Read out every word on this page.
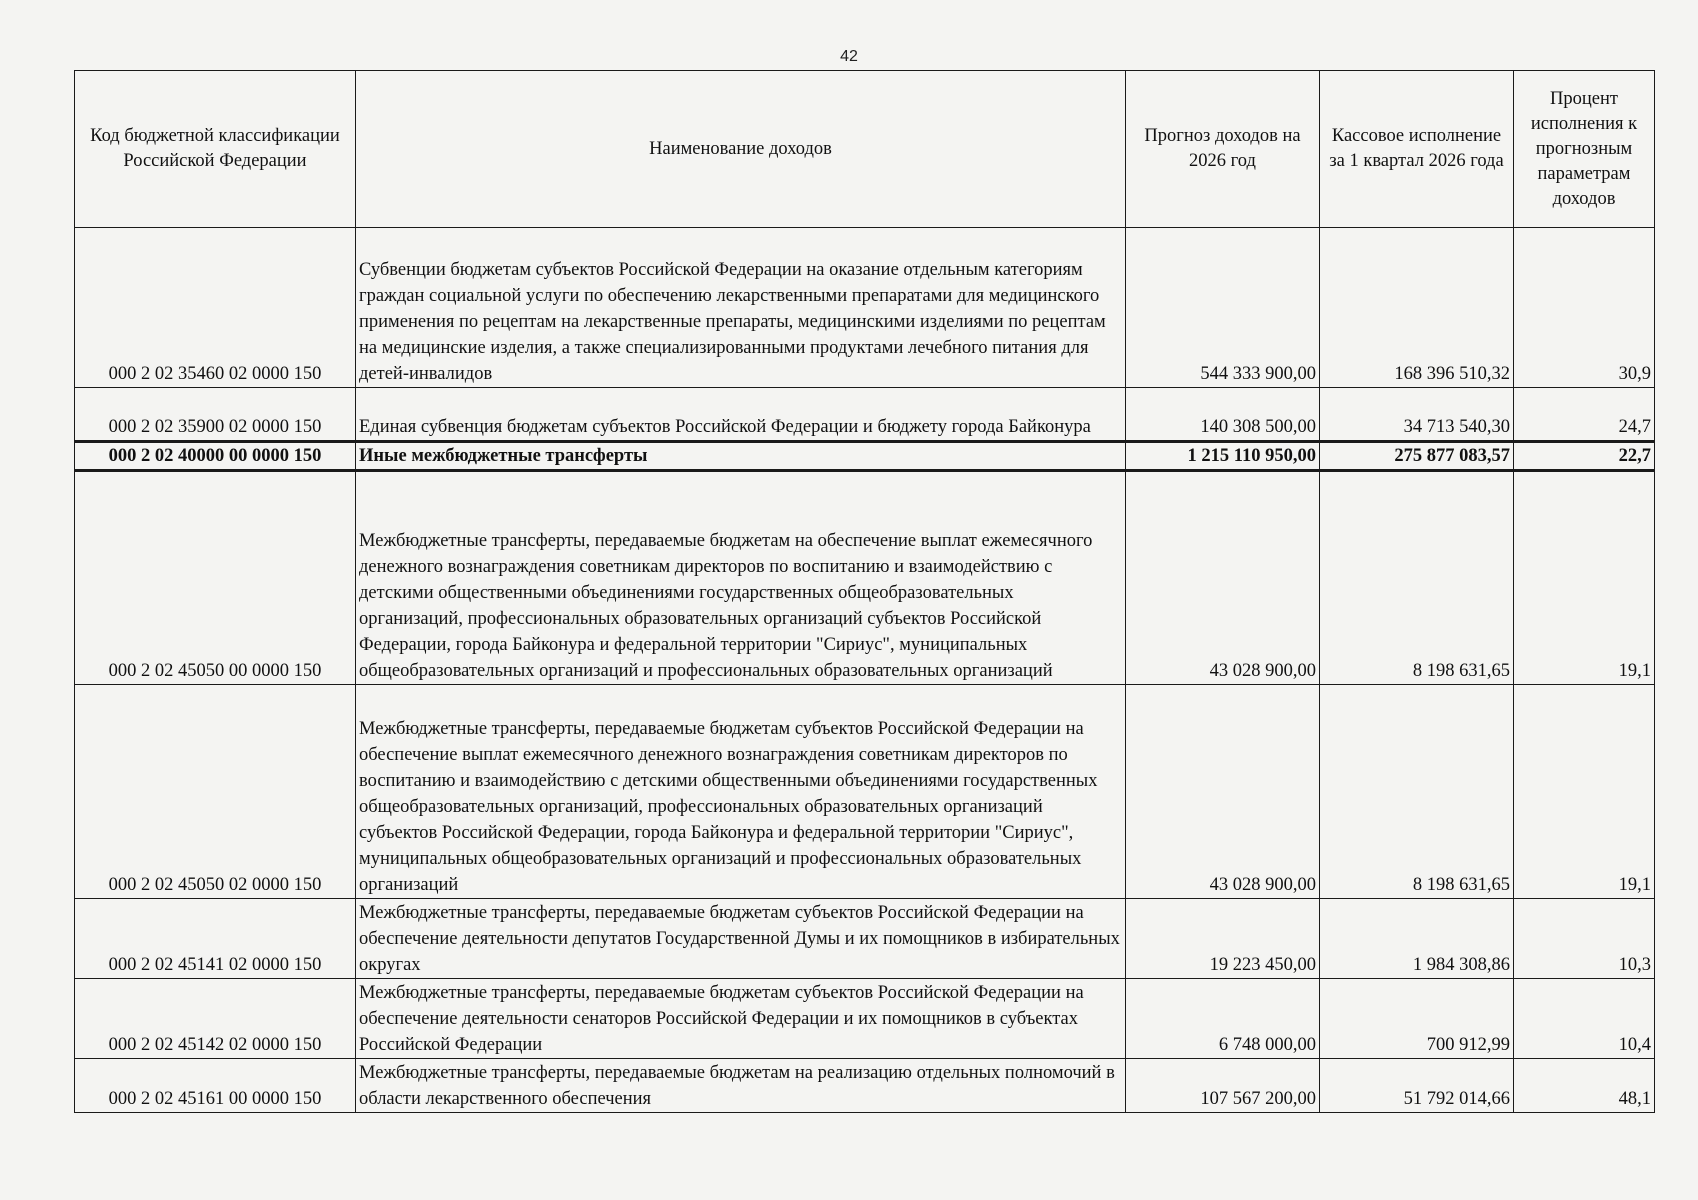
42
Код бюджетной классификации Российской Федерации	Наименование доходов	Прогноз доходов на 2026 год	Кассовое исполнение за 1 квартал 2026 года	Процент исполнения к прогнозным параметрам доходов
000 2 02 35460 02 0000 150	Субвенции бюджетам субъектов Российской Федерации на оказание отдельным категориям граждан социальной услуги по обеспечению лекарственными препаратами для медицинского применения по рецептам на лекарственные препараты, медицинскими изделиями по рецептам на медицинские изделия, а также специализированными продуктами лечебного питания для детей-инвалидов	544 333 900,00	168 396 510,32	30,9
000 2 02 35900 02 0000 150	Единая субвенция бюджетам субъектов Российской Федерации и бюджету города Байконура	140 308 500,00	34 713 540,30	24,7
000 2 02 40000 00 0000 150	Иные межбюджетные трансферты	1 215 110 950,00	275 877 083,57	22,7
000 2 02 45050 00 0000 150	Межбюджетные трансферты, передаваемые бюджетам на обеспечение выплат ежемесячного денежного вознаграждения советникам директоров по воспитанию и взаимодействию с детскими общественными объединениями государственных общеобразовательных организаций, профессиональных образовательных организаций субъектов Российской Федерации, города Байконура и федеральной территории "Сириус", муниципальных общеобразовательных организаций и профессиональных образовательных организаций	43 028 900,00	8 198 631,65	19,1
000 2 02 45050 02 0000 150	Межбюджетные трансферты, передаваемые бюджетам субъектов Российской Федерации на обеспечение выплат ежемесячного денежного вознаграждения советникам директоров по воспитанию и взаимодействию с детскими общественными объединениями государственных общеобразовательных организаций, профессиональных образовательных организаций субъектов Российской Федерации, города Байконура и федеральной территории "Сириус", муниципальных общеобразовательных организаций и профессиональных образовательных организаций	43 028 900,00	8 198 631,65	19,1
000 2 02 45141 02 0000 150	Межбюджетные трансферты, передаваемые бюджетам субъектов Российской Федерации на обеспечение деятельности депутатов Государственной Думы и их помощников в избирательных округах	19 223 450,00	1 984 308,86	10,3
000 2 02 45142 02 0000 150	Межбюджетные трансферты, передаваемые бюджетам субъектов Российской Федерации на обеспечение деятельности сенаторов Российской Федерации и их помощников в субъектах Российской Федерации	6 748 000,00	700 912,99	10,4
000 2 02 45161 00 0000 150	Межбюджетные трансферты, передаваемые бюджетам на реализацию отдельных полномочий в области лекарственного обеспечения	107 567 200,00	51 792 014,66	48,1
